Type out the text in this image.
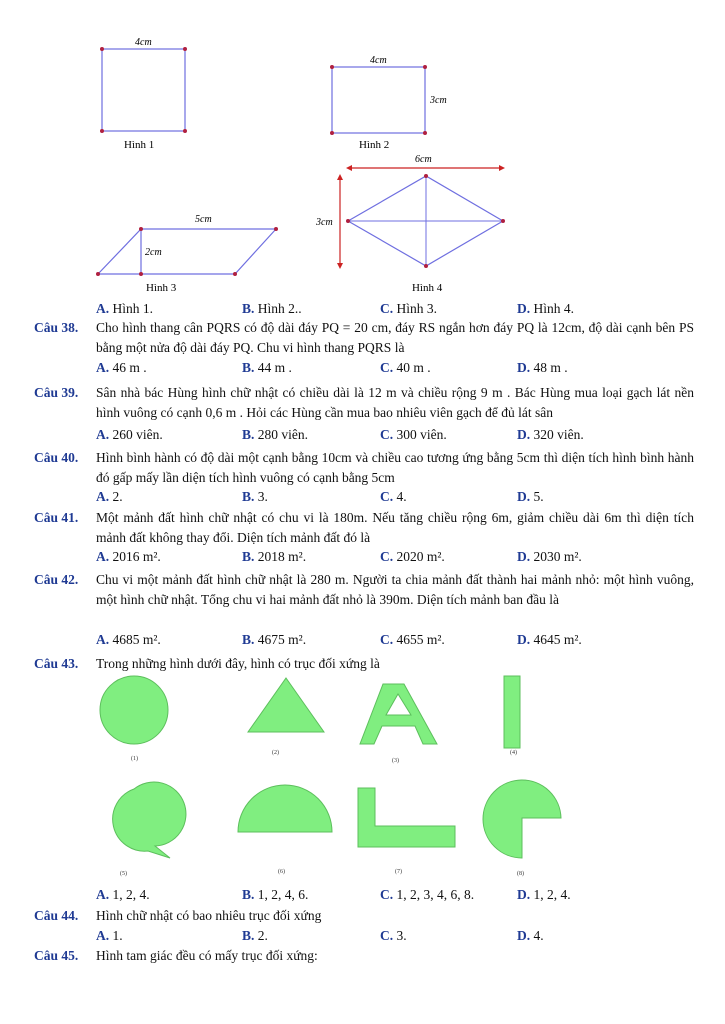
4cm
Hình 1
4cm
3cm
Hình 2
5cm
2cm
Hình 3
6cm
3cm
Hình 4
A. Hình 1.	B. Hình 2..	C. Hình 3.	D. Hình 4.
Câu 38.	Cho hình thang cân PQRS có độ dài đáy PQ = 20 cm, đáy RS ngắn hơn đáy PQ là 12cm, độ dài cạnh bên PS bằng một nửa độ dài đáy PQ. Chu vi hình thang PQRS là
A. 46 m .	B. 44 m .	C. 40 m .	D. 48 m .
Câu 39.	Sân nhà bác Hùng hình chữ nhật có chiều dài là 12 m và chiều rộng 9 m . Bác Hùng mua loại gạch lát nền hình vuông có cạnh 0,6 m . Hỏi các Hùng cần mua bao nhiêu viên gạch để đủ lát sân
A. 260 viên.	B. 280 viên.	C. 300 viên.	D. 320 viên.
Câu 40.	Hình bình hành có độ dài một cạnh bằng 10cm và chiều cao tương ứng bằng 5cm thì diện tích hình bình hành đó gấp mấy lần diện tích hình vuông có cạnh bằng 5cm
A. 2.	B. 3.	C. 4.	D. 5.
Câu 41.	Một mảnh đất hình chữ nhật có chu vi là 180m. Nếu tăng chiều rộng 6m, giảm chiều dài 6m thì diện tích mảnh đất không thay đổi. Diện tích mảnh đất đó là
A. 2016 m².	B. 2018 m².	C. 2020 m².	D. 2030 m².
Câu 42.	Chu vi một mảnh đất hình chữ nhật là 280 m. Người ta chia mảnh đất thành hai mảnh nhỏ: một hình vuông, một hình chữ nhật. Tổng chu vi hai mảnh đất nhỏ là 390m. Diện tích mảnh ban đầu là
A. 4685 m².	B. 4675 m².	C. 4655 m².	D. 4645 m².
Câu 43.	Trong những hình dưới đây, hình có trục đối xứng là
(1)
(2)
(3)
(4)
(5)	(6)	(7)	(8)
A. 1, 2, 4.	B. 1, 2, 4, 6.	C. 1, 2, 3, 4, 6, 8.	D. 1, 2, 4.
Câu 44.	Hình chữ nhật có bao nhiêu trục đối xứng
A. 1.	B. 2.	C. 3.	D. 4.
Câu 45.	Hình tam giác đều có mấy trục đối xứng:
